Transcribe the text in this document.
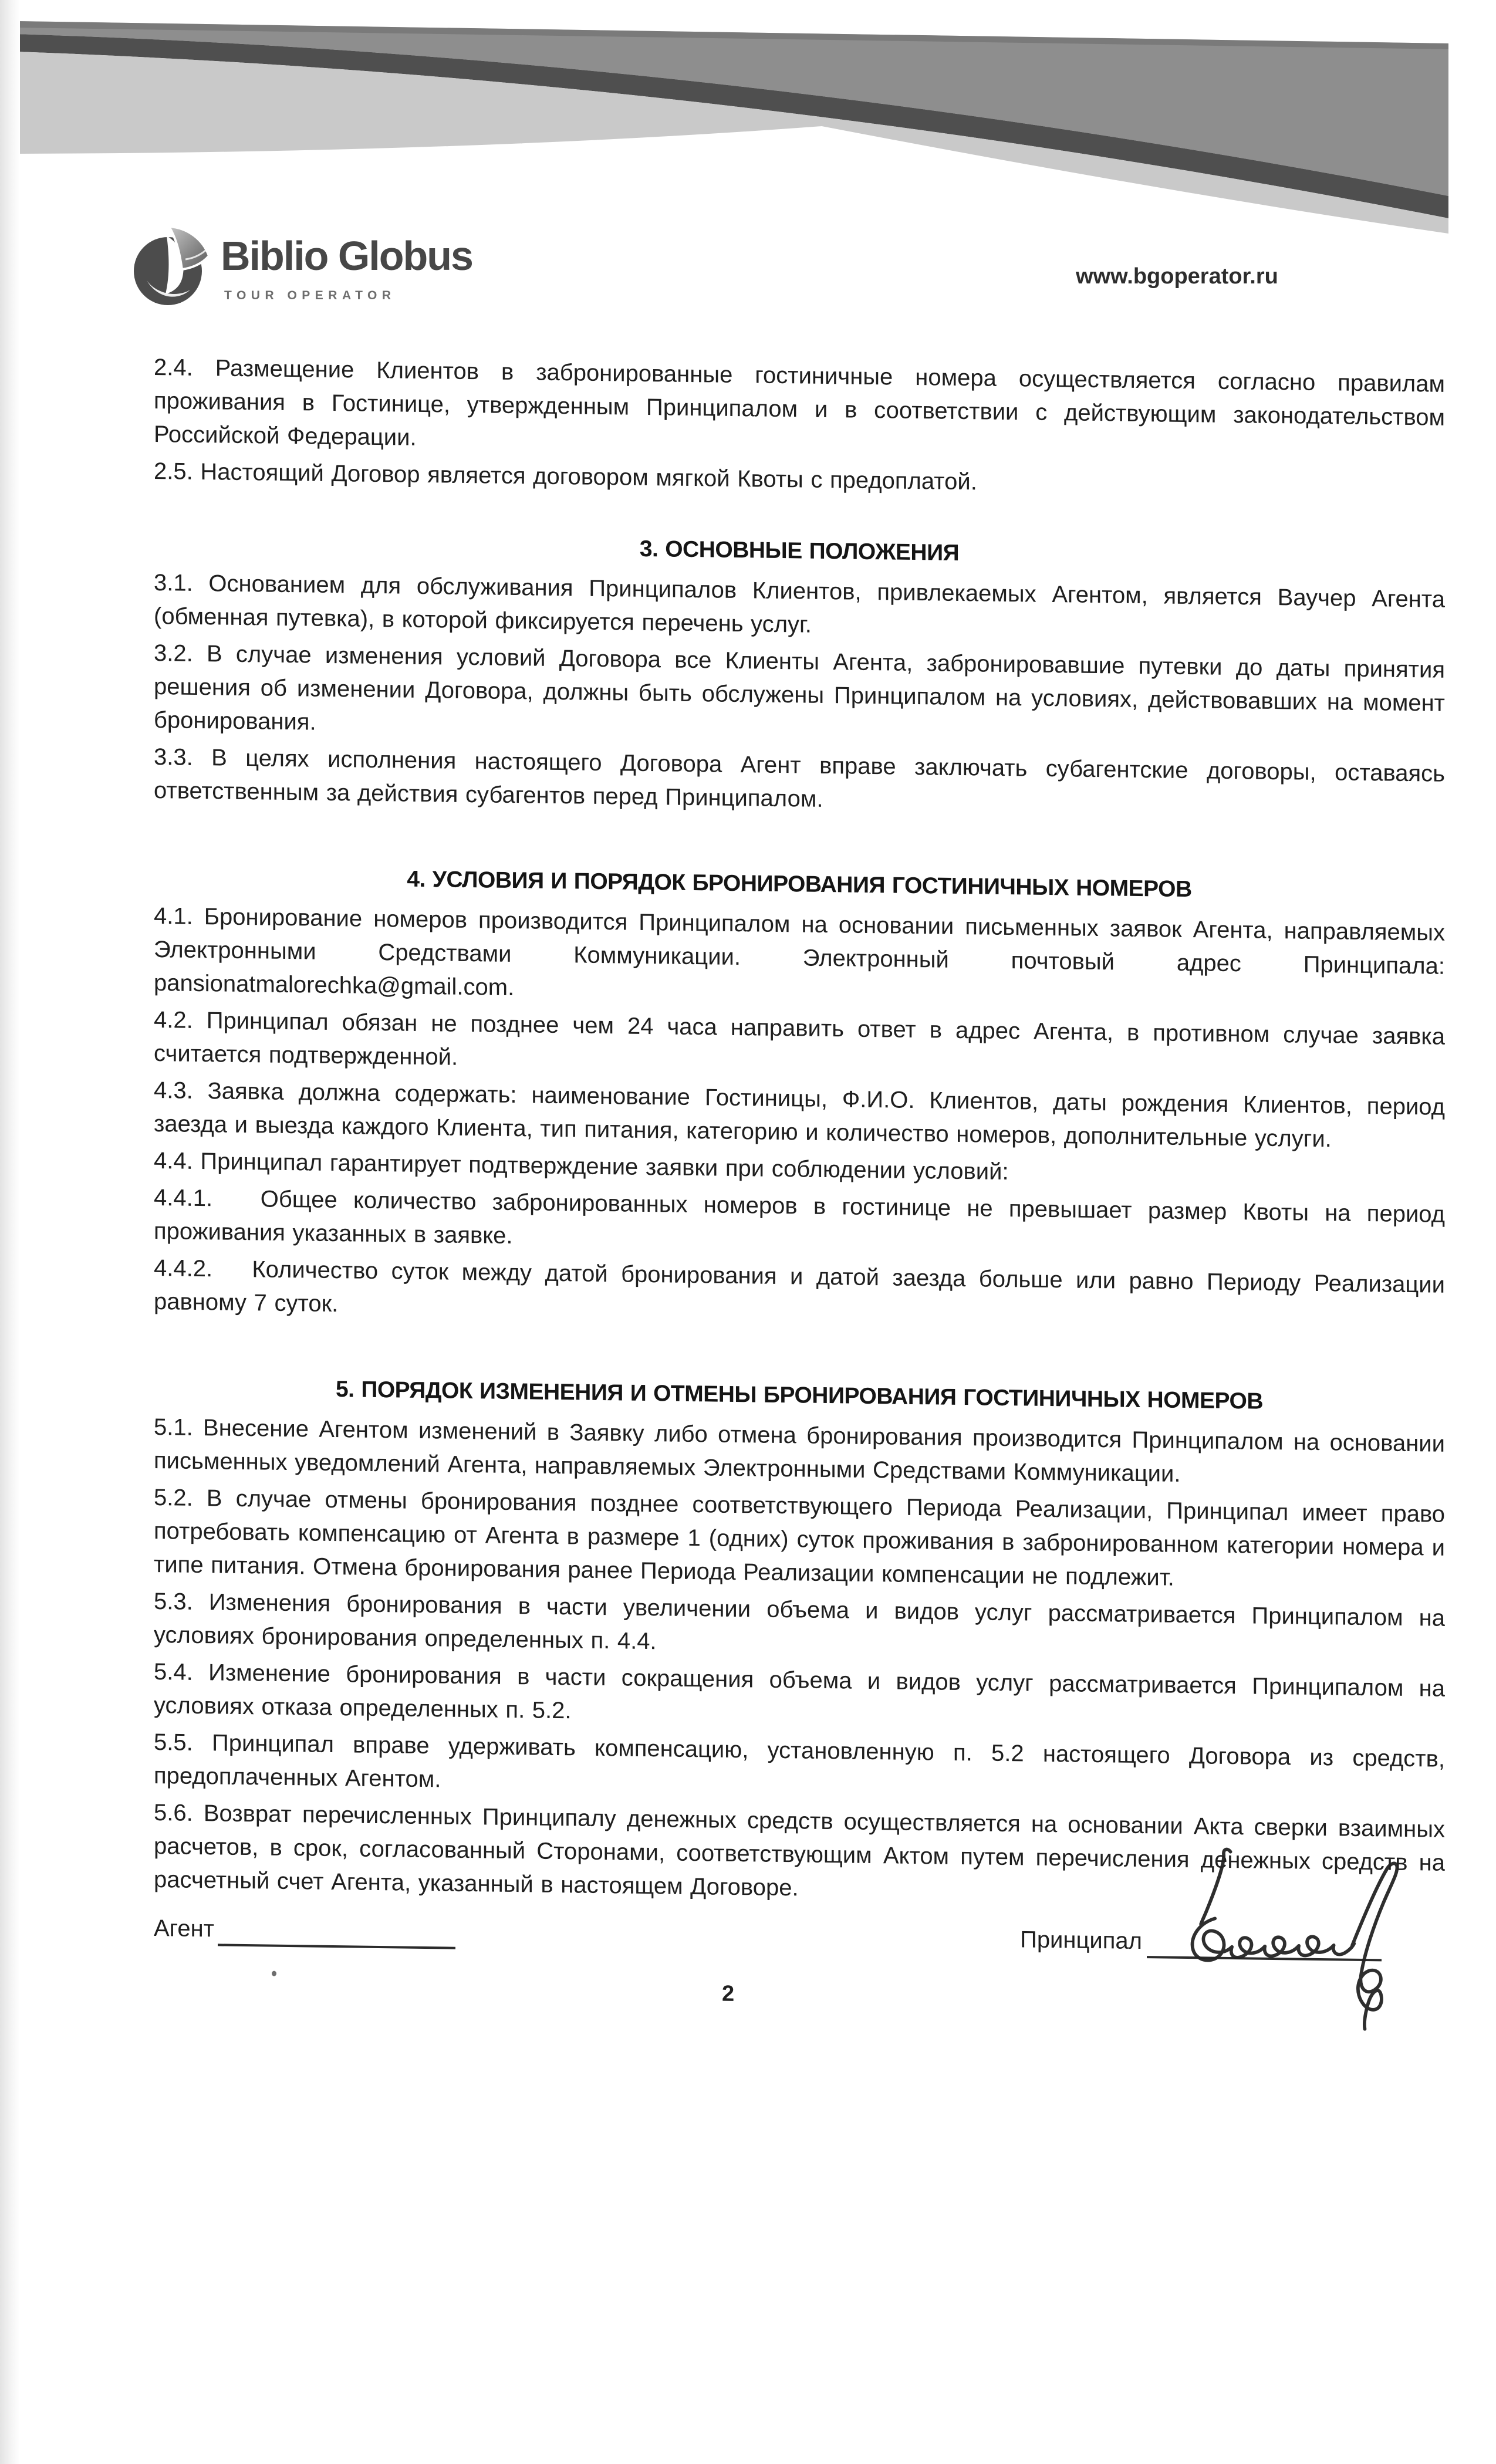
Biblio Globus
TOUR OPERATOR
www.bgoperator.ru

2.4. Размещение Клиентов в забронированные гостиничные номера осуществляется согласно правилам проживания в Гостинице, утвержденным Принципалом и в соответствии с действующим законодательством Российской Федерации.

2.5. Настоящий Договор является договором мягкой Квоты с предоплатой.

3. ОСНОВНЫЕ ПОЛОЖЕНИЯ

3.1. Основанием для обслуживания Принципалов Клиентов, привлекаемых Агентом, является Ваучер Агента (обменная путевка), в которой фиксируется перечень услуг.

3.2. В случае изменения условий Договора все Клиенты Агента, забронировавшие путевки до даты принятия решения об изменении Договора, должны быть обслужены Принципалом на условиях, действовавших на момент бронирования.

3.3. В целях исполнения настоящего Договора Агент вправе заключать субагентские договоры, оставаясь ответственным за действия субагентов перед Принципалом.

4. УСЛОВИЯ И ПОРЯДОК БРОНИРОВАНИЯ ГОСТИНИЧНЫХ НОМЕРОВ

4.1. Бронирование номеров производится Принципалом на основании письменных заявок Агента, направляемых Электронными Средствами Коммуникации. Электронный почтовый адрес Принципала: pansionatmalorechka@gmail.com.

4.2. Принципал обязан не позднее чем 24 часа направить ответ в адрес Агента, в противном случае заявка считается подтвержденной.

4.3. Заявка должна содержать: наименование Гостиницы, Ф.И.О. Клиентов, даты рождения Клиентов, период заезда и выезда каждого Клиента, тип питания, категорию и количество номеров, дополнительные услуги.

4.4. Принципал гарантирует подтверждение заявки при соблюдении условий:

4.4.1.   Общее количество забронированных номеров в гостинице не превышает размер Квоты на период проживания указанных в заявке.

4.4.2.   Количество суток между датой бронирования и датой заезда больше или равно Периоду Реализации равному 7 суток.

5. ПОРЯДОК ИЗМЕНЕНИЯ И ОТМЕНЫ БРОНИРОВАНИЯ ГОСТИНИЧНЫХ НОМЕРОВ

5.1. Внесение Агентом изменений в Заявку либо отмена бронирования производится Принципалом на основании письменных уведомлений Агента, направляемых Электронными Средствами Коммуникации.

5.2. В случае отмены бронирования позднее соответствующего Периода Реализации, Принципал имеет право потребовать компенсацию от Агента в размере 1 (одних) суток проживания в забронированном категории номера и типе питания. Отмена бронирования ранее Периода Реализации компенсации не подлежит.

5.3. Изменения бронирования в части увеличении объема и видов услуг рассматривается Принципалом на условиях бронирования определенных п. 4.4.

5.4. Изменение бронирования в части сокращения объема и видов услуг рассматривается Принципалом на условиях отказа определенных п. 5.2.

5.5. Принципал вправе удерживать компенсацию, установленную п. 5.2 настоящего Договора из средств, предоплаченных Агентом.

5.6. Возврат перечисленных Принципалу денежных средств осуществляется на основании Акта сверки взаимных расчетов, в срок, согласованный Сторонами, соответствующим Актом путем перечисления денежных средств на расчетный счет Агента, указанный в настоящем Договоре.

Агент	Принципал
2
